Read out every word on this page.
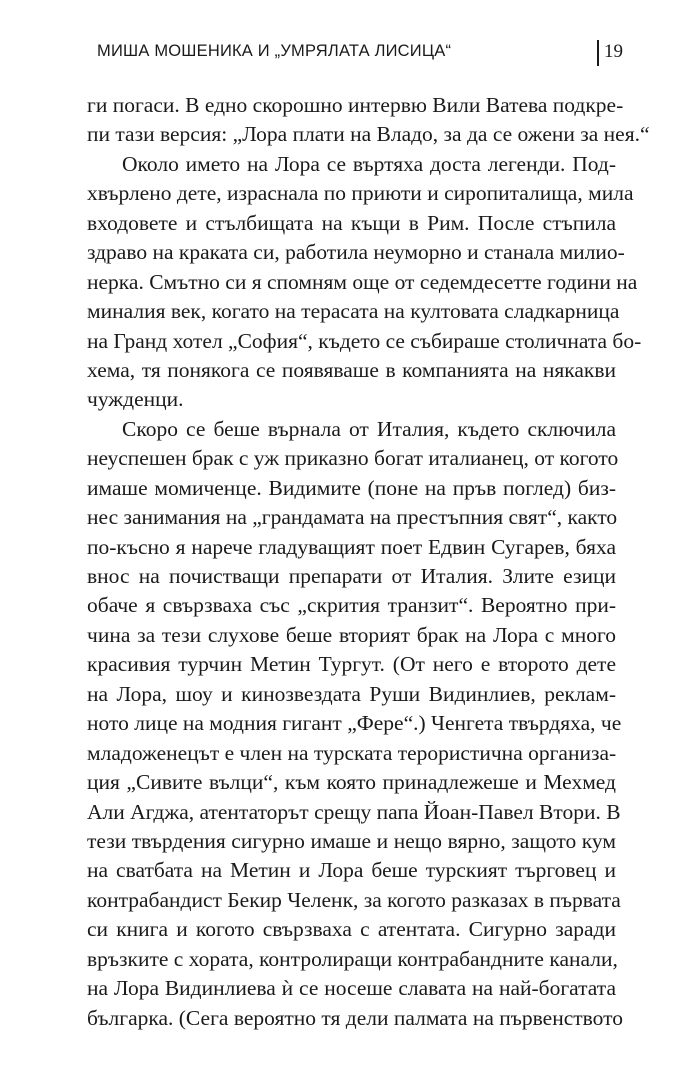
МИША МОШЕНИКА И „УМРЯЛАТА ЛИСИЦА“	19
ги погаси. В едно скорошно интервю Вили Ватева подкре-
пи тази версия: „Лора плати на Владо, за да се ожени за нея.“
Около името на Лора се въртяха доста легенди. Под-
хвърлено дете, израснала по приюти и сиропиталища, мила
входовете и стълбищата на къщи в Рим. После стъпила
здраво на краката си, работила неуморно и станала милио-
нерка. Смътно си я спомням още от седемдесетте години на
миналия век, когато на терасата на култовата сладкарница
на Гранд хотел „София“, където се събираше столичната бо-
хема, тя понякога се появяваше в компанията на някакви
чужденци.
Скоро се беше върнала от Италия, където сключила
неуспешен брак с уж приказно богат италианец, от когото
имаше момиченце. Видимите (поне на пръв поглед) биз-
нес занимания на „грандамата на престъпния свят“, както
по-късно я нарече гладуващият поет Едвин Сугарев, бяха
внос на почистващи препарати от Италия. Злите езици
обаче я свързваха със „скрития транзит“. Вероятно при-
чина за тези слухове беше вторият брак на Лора с много
красивия турчин Метин Тургут. (От него е второто дете
на Лора, шоу и кинозвездата Руши Видинлиев, реклам-
ното лице на модния гигант „Фере“.) Ченгета твърдяха, че
младоженецът е член на турската терористична организа-
ция „Сивите вълци“, към която принадлежеше и Мехмед
Али Агджа, атентаторът срещу папа Йоан-Павел Втори. В
тези твърдения сигурно имаше и нещо вярно, защото кум
на сватбата на Метин и Лора беше турският търговец и
контрабандист Бекир Челенк, за когото разказах в първата
си книга и когото свързваха с атентата. Сигурно заради
връзките с хората, контролиращи контрабандните канали,
на Лора Видинлиева ѝ се носеше славата на най-богатата
българка. (Сега вероятно тя дели палмата на първенството
